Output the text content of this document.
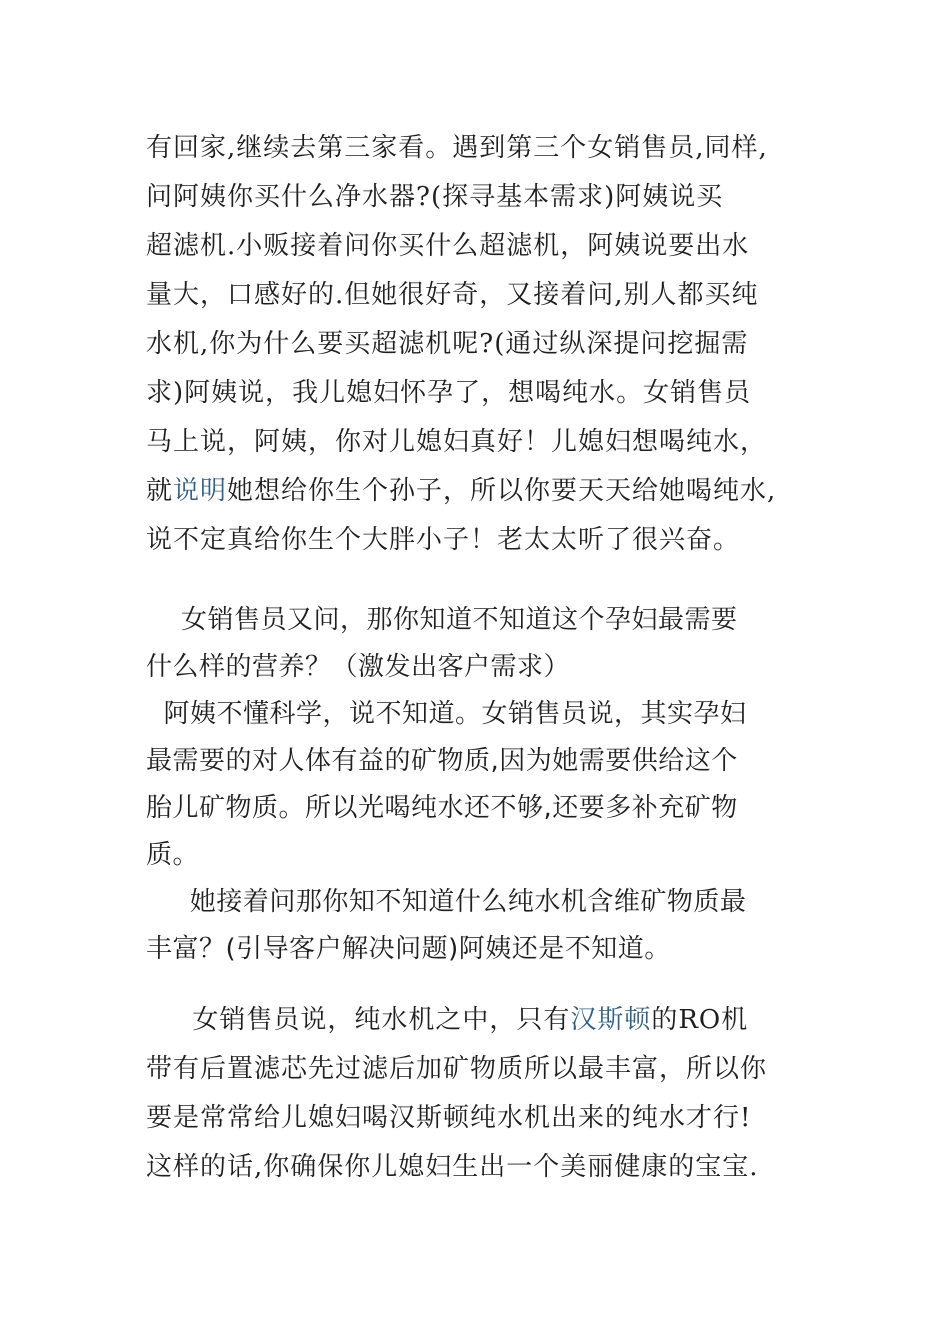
有回家,继续去第三家看。遇到第三个女销售员,同样,
问阿姨你买什么净水器?(探寻基本需求)阿姨说买
超滤机.小贩接着问你买什么超滤机，阿姨说要出水
量大，口感好的.但她很好奇，又接着问,别人都买纯
水机,你为什么要买超滤机呢?(通过纵深提问挖掘需
求)阿姨说，我儿媳妇怀孕了，想喝纯水。女销售员
马上说，阿姨，你对儿媳妇真好！儿媳妇想喝纯水，
就说明她想给你生个孙子，所以你要天天给她喝纯水,
说不定真给你生个大胖小子！老太太听了很兴奋。
女销售员又问，那你知道不知道这个孕妇最需要
什么样的营养？（激发出客户需求）
阿姨不懂科学，说不知道。女销售员说，其实孕妇
最需要的对人体有益的矿物质,因为她需要供给这个
胎儿矿物质。所以光喝纯水还不够,还要多补充矿物
质。
她接着问那你知不知道什么纯水机含维矿物质最
丰富？(引导客户解决问题)阿姨还是不知道。
女销售员说，纯水机之中，只有汉斯顿的RO机
带有后置滤芯先过滤后加矿物质所以最丰富，所以你
要是常常给儿媳妇喝汉斯顿纯水机出来的纯水才行!
这样的话,你确保你儿媳妇生出一个美丽健康的宝宝.
